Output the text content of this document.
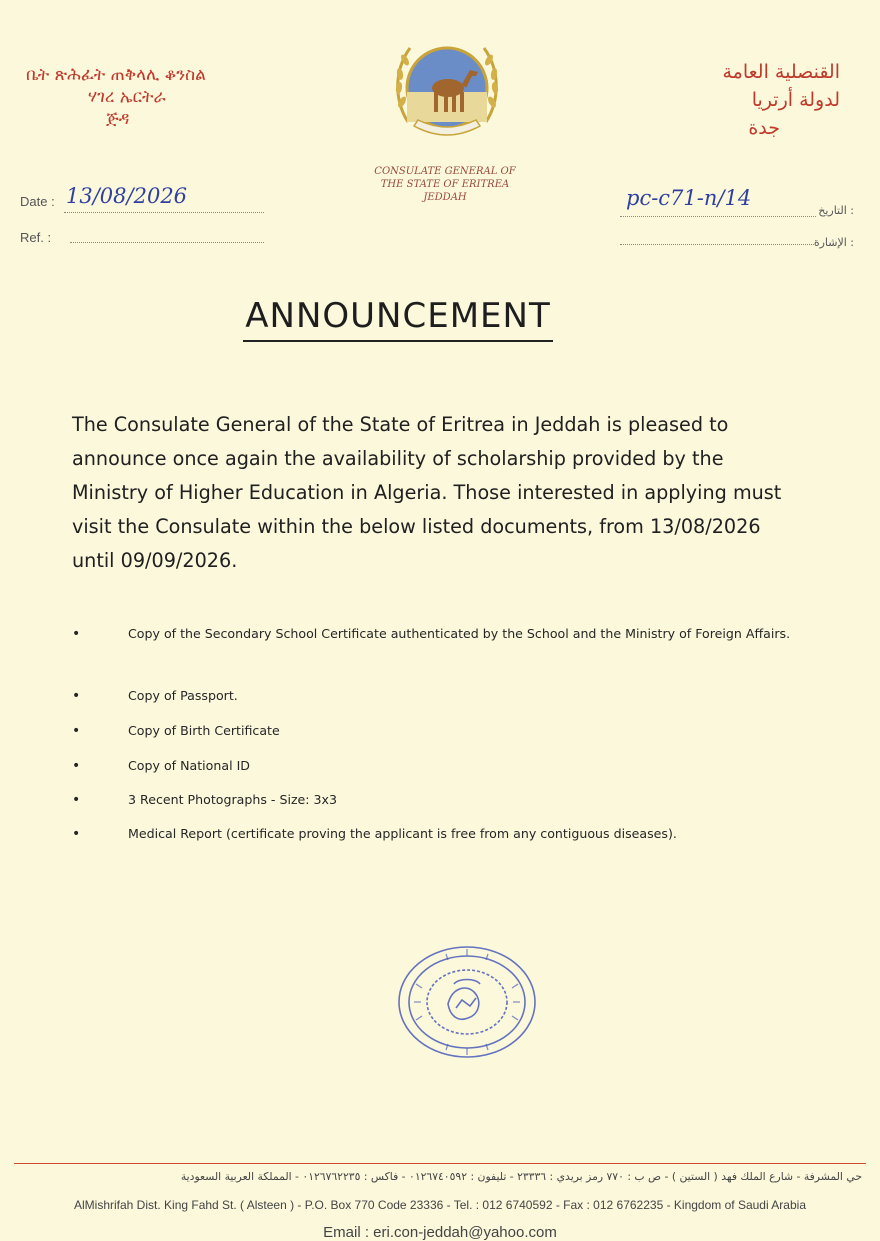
ቤት ጽሕፈት ጠቅላሊ ቆንስል
ሃገረ ኤርትራ
ጅዳ
القنصلية العامة
لدولة أرتريا
جدة
CONSULATE GENERAL OF
THE STATE OF ERITREA
JEDDAH
Date : 13/08/2026
Ref. :
pc-c71-n/14
: التاريخ
: الإشارة
ANNOUNCEMENT
The Consulate General of the State of Eritrea in Jeddah is pleased to announce once again the availability of scholarship provided by the Ministry of Higher Education in Algeria. Those interested in applying must visit the Consulate within the below listed documents, from 13/08/2026 until 09/09/2026.
•	Copy of the Secondary School Certificate authenticated by the School and the Ministry of Foreign Affairs.
•	Copy of Passport.
•	Copy of Birth Certificate
•	Copy of National ID
•	3 Recent Photographs - Size: 3x3
•	Medical Report (certificate proving the applicant is free from any contiguous diseases).
حي المشرفة - شارع الملك فهد ( الستين ) - ص ب : ٧٧٠ رمز بريدي : ٢٣٣٣٦ - تليفون : ٠١٢٦٧٤٠٥٩٢ - فاكس : ٠١٢٦٧٦٢٢٣٥ - المملكة العربية السعودية
AlMishrifah Dist. King Fahd St. ( Alsteen ) - P.O. Box 770 Code 23336 - Tel. : 012 6740592 - Fax : 012 6762235 - Kingdom of Saudi Arabia
Email : eri.con-jeddah@yahoo.com
